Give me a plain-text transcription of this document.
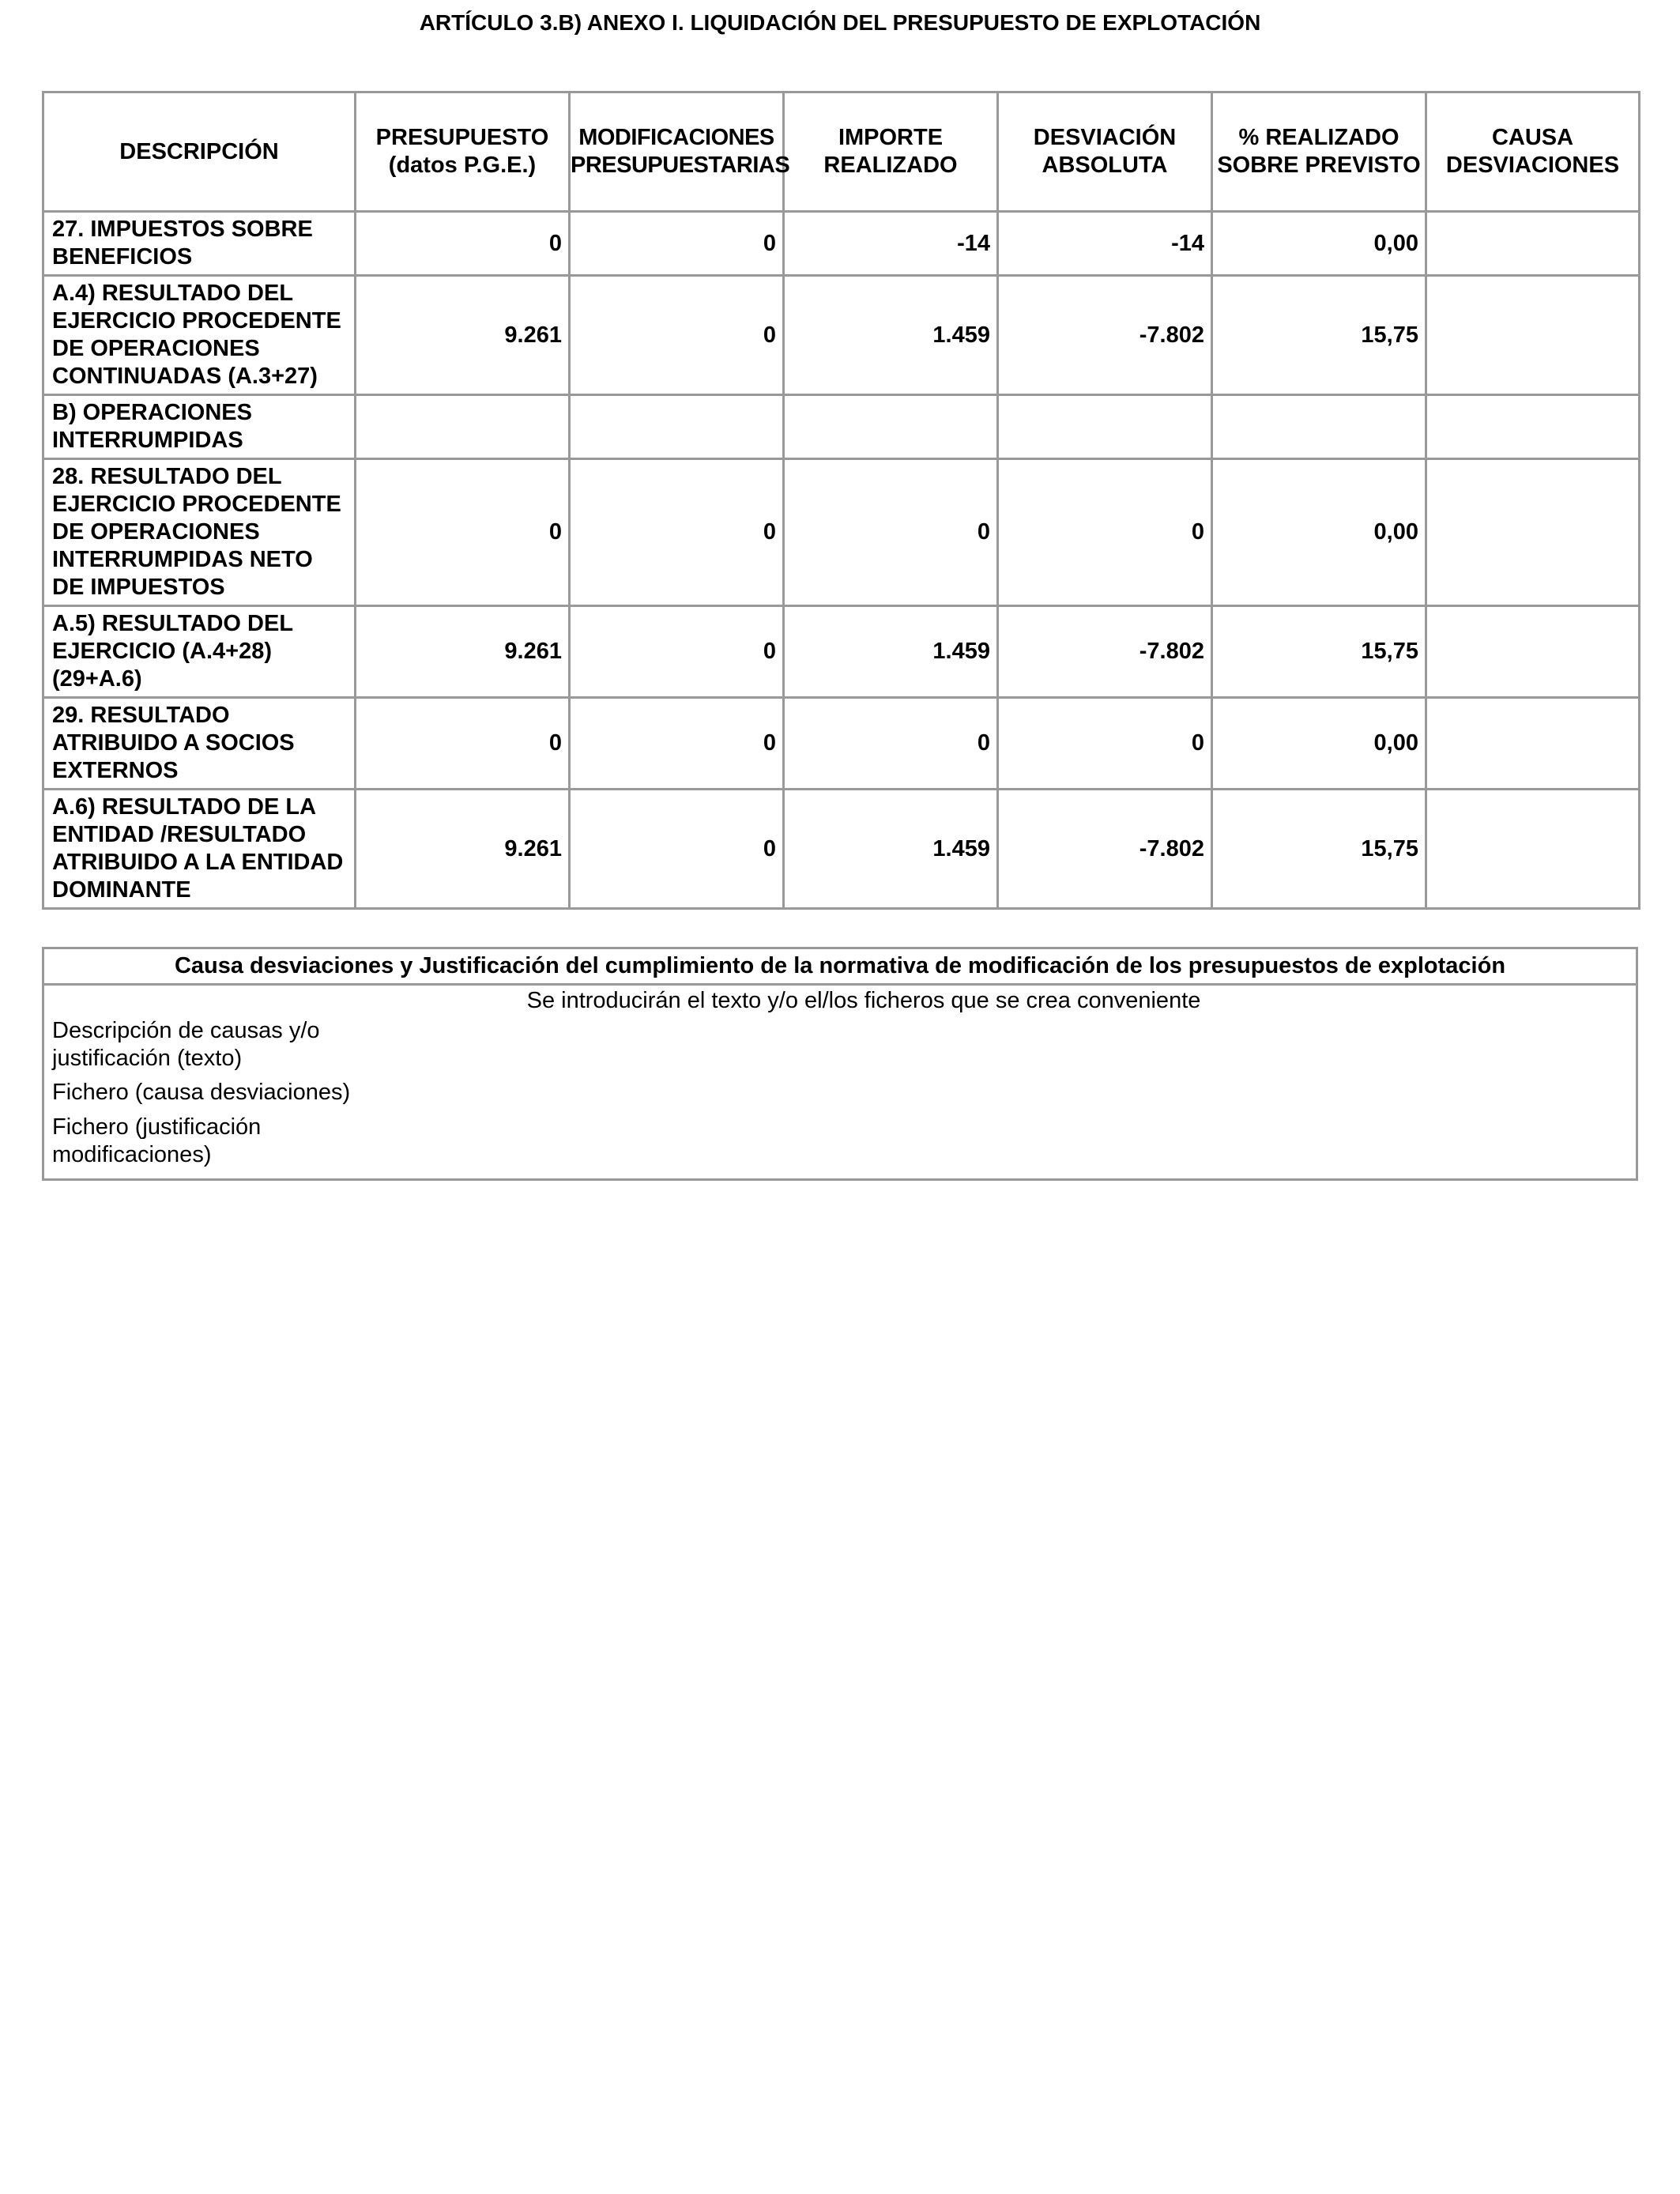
ARTÍCULO 3.B) ANEXO I. LIQUIDACIÓN DEL PRESUPUESTO DE EXPLOTACIÓN
DESCRIPCIÓN	PRESUPUESTO (datos P.G.E.)	MODIFICACIONES PRESUPUESTARIAS	IMPORTE REALIZADO	DESVIACIÓN ABSOLUTA	% REALIZADO SOBRE PREVISTO	CAUSA DESVIACIONES
27. IMPUESTOS SOBRE BENEFICIOS	0	0	-14	-14	0,00	
A.4) RESULTADO DEL EJERCICIO PROCEDENTE DE OPERACIONES CONTINUADAS (A.3+27)	9.261	0	1.459	-7.802	15,75	
B) OPERACIONES INTERRUMPIDAS						
28. RESULTADO DEL EJERCICIO PROCEDENTE DE OPERACIONES INTERRUMPIDAS NETO DE IMPUESTOS	0	0	0	0	0,00	
A.5) RESULTADO DEL EJERCICIO (A.4+28) (29+A.6)	9.261	0	1.459	-7.802	15,75	
29. RESULTADO ATRIBUIDO A SOCIOS EXTERNOS	0	0	0	0	0,00	
A.6) RESULTADO DE LA ENTIDAD /RESULTADO ATRIBUIDO A LA ENTIDAD DOMINANTE	9.261	0	1.459	-7.802	15,75	
Causa desviaciones y Justificación del cumplimiento de la normativa de modificación de los presupuestos de explotación
Se introducirán el texto y/o el/los ficheros que se crea conveniente
Descripción de causas y/o justificación (texto)
Fichero (causa desviaciones)
Fichero (justificación modificaciones)
